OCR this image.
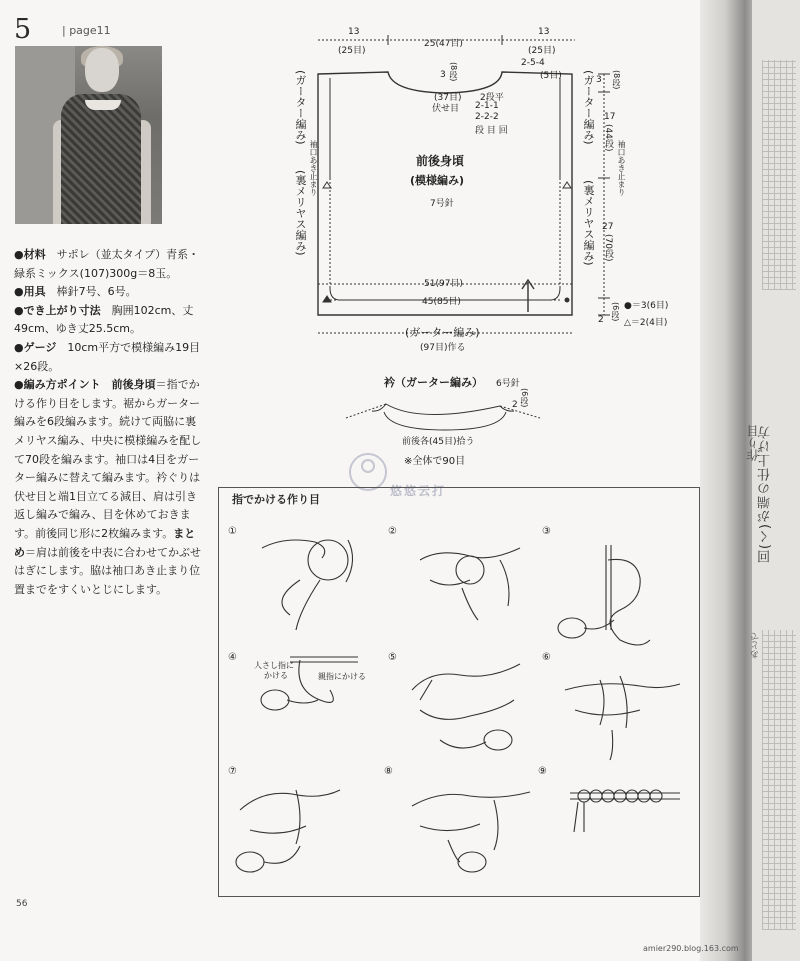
回(く)が端の仕上げ方
作り目
あとで
5	| page11

●材料　 サポレ（並太タイプ）青系・緑系ミックス(107)300g＝8玉。

●用具　 棒針7号、6号。

●でき上がり寸法　 胸囲102cm、丈49cm、ゆき丈25.5cm。

●ゲージ　 10cm平方で模様編み19目×26段。

●編み方ポイント　前後身頃＝指でかける作り目をします。裾からガーター編みを6段編みます。続けて両脇に裏メリヤス編み、中央に模様編みを配して70段を編みます。袖口は4目をガーター編みに替えて編みます。衿ぐりは伏せ目と端1目立てる減目、肩は引き返し編みで編み、目を休めておきます。前後同じ形に2枚編みます。まとめ＝肩は前後を中表に合わせてかぶせはぎにします。脇は袖口あき止まり位置までをすくいとじにします。

13
(25目)
25(47目)
13
(25目)
2-5-4
(5目)
3 (8段)
(37目)
伏せ目
2段平
2-1-1
2-2-2
段 目 回
前後身頃
(模様編み)
7号針
(ガーター編み)	(ガーター編み)
袖口あき止まり	袖口あき止まり
(裏メリヤス編み)	(裏メリヤス編み)
3 (8段)
17
(44段)
27
(70段)
2 (6段) ●＝3(6目)
△＝2(4目)
51(97目)
45(85目)
(ガーター編み)
(97目)作る
衿（ガーター編み） 6号針
2 (6段)
前後各(45目)拾う
※全体で90目
悠悠云打
指でかける作り目
①	②	③
④	⑤	⑥
⑦	⑧	⑨
人さし指に
かける	親指にかける
56
amier290.blog.163.com
